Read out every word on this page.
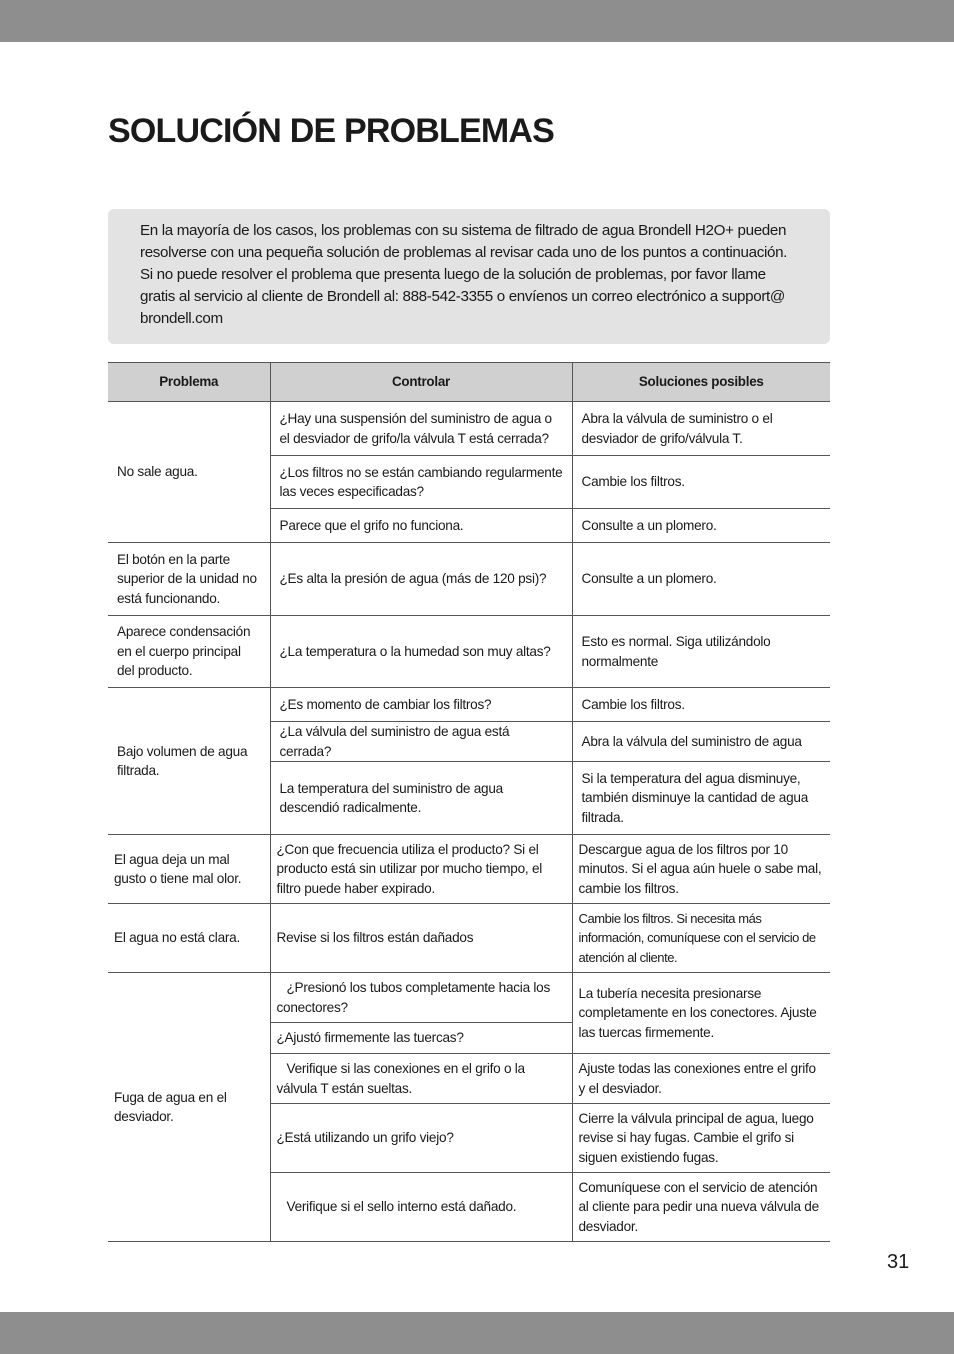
SOLUCIÓN DE PROBLEMAS
En la mayoría de los casos, los problemas con su sistema de filtrado de agua Brondell H2O+ pueden resolverse con una pequeña solución de problemas al revisar cada uno de los puntos a continuación. Si no puede resolver el problema que presenta luego de la solución de problemas, por favor llame gratis al servicio al cliente de Brondell al: 888-542-3355 o envíenos un correo electrónico a support@ brondell.com
Problema	Controlar	Soluciones posibles
No sale agua.	¿Hay una suspensión del suministro de agua o el desviador de grifo/la válvula T está cerrada?	Abra la válvula de suministro o el desviador de grifo/válvula T.
	¿Los filtros no se están cambiando regularmente las veces especificadas?	Cambie los filtros.
	Parece que el grifo no funciona.	Consulte a un plomero.
El botón en la parte superior de la unidad no está funcionando.	¿Es alta la presión de agua (más de 120 psi)?	Consulte a un plomero.
Aparece condensación en el cuerpo principal del producto.	¿La temperatura o la humedad son muy altas?	Esto es normal. Siga utilizándolo normalmente
Bajo volumen de agua filtrada.	¿Es momento de cambiar los filtros?	Cambie los filtros.
	¿La válvula del suministro de agua está cerrada?	Abra la válvula del suministro de agua
	La temperatura del suministro de agua descendió radicalmente.	Si la temperatura del agua disminuye, también disminuye la cantidad de agua filtrada.
El agua deja un mal gusto o tiene mal olor.	¿Con que frecuencia utiliza el producto? Si el producto está sin utilizar por mucho tiempo, el filtro puede haber expirado.	Descargue agua de los filtros por 10 minutos. Si el agua aún huele o sabe mal, cambie los filtros.
El agua no está clara.	Revise si los filtros están dañados	Cambie los filtros. Si necesita más información, comuníquese con el servicio de atención al cliente.
Fuga de agua en el desviador.	¿Presionó los tubos completamente hacia los conectores?	La tubería necesita presionarse completamente en los conectores. Ajuste las tuercas firmemente.
	¿Ajustó firmemente las tuercas?	
	Verifique si las conexiones en el grifo o la válvula T están sueltas.	Ajuste todas las conexiones entre el grifo y el desviador.
	¿Está utilizando un grifo viejo?	Cierre la válvula principal de agua, luego revise si hay fugas. Cambie el grifo si siguen existiendo fugas.
	Verifique si el sello interno está dañado.	Comuníquese con el servicio de atención al cliente para pedir una nueva válvula de desviador.
31
